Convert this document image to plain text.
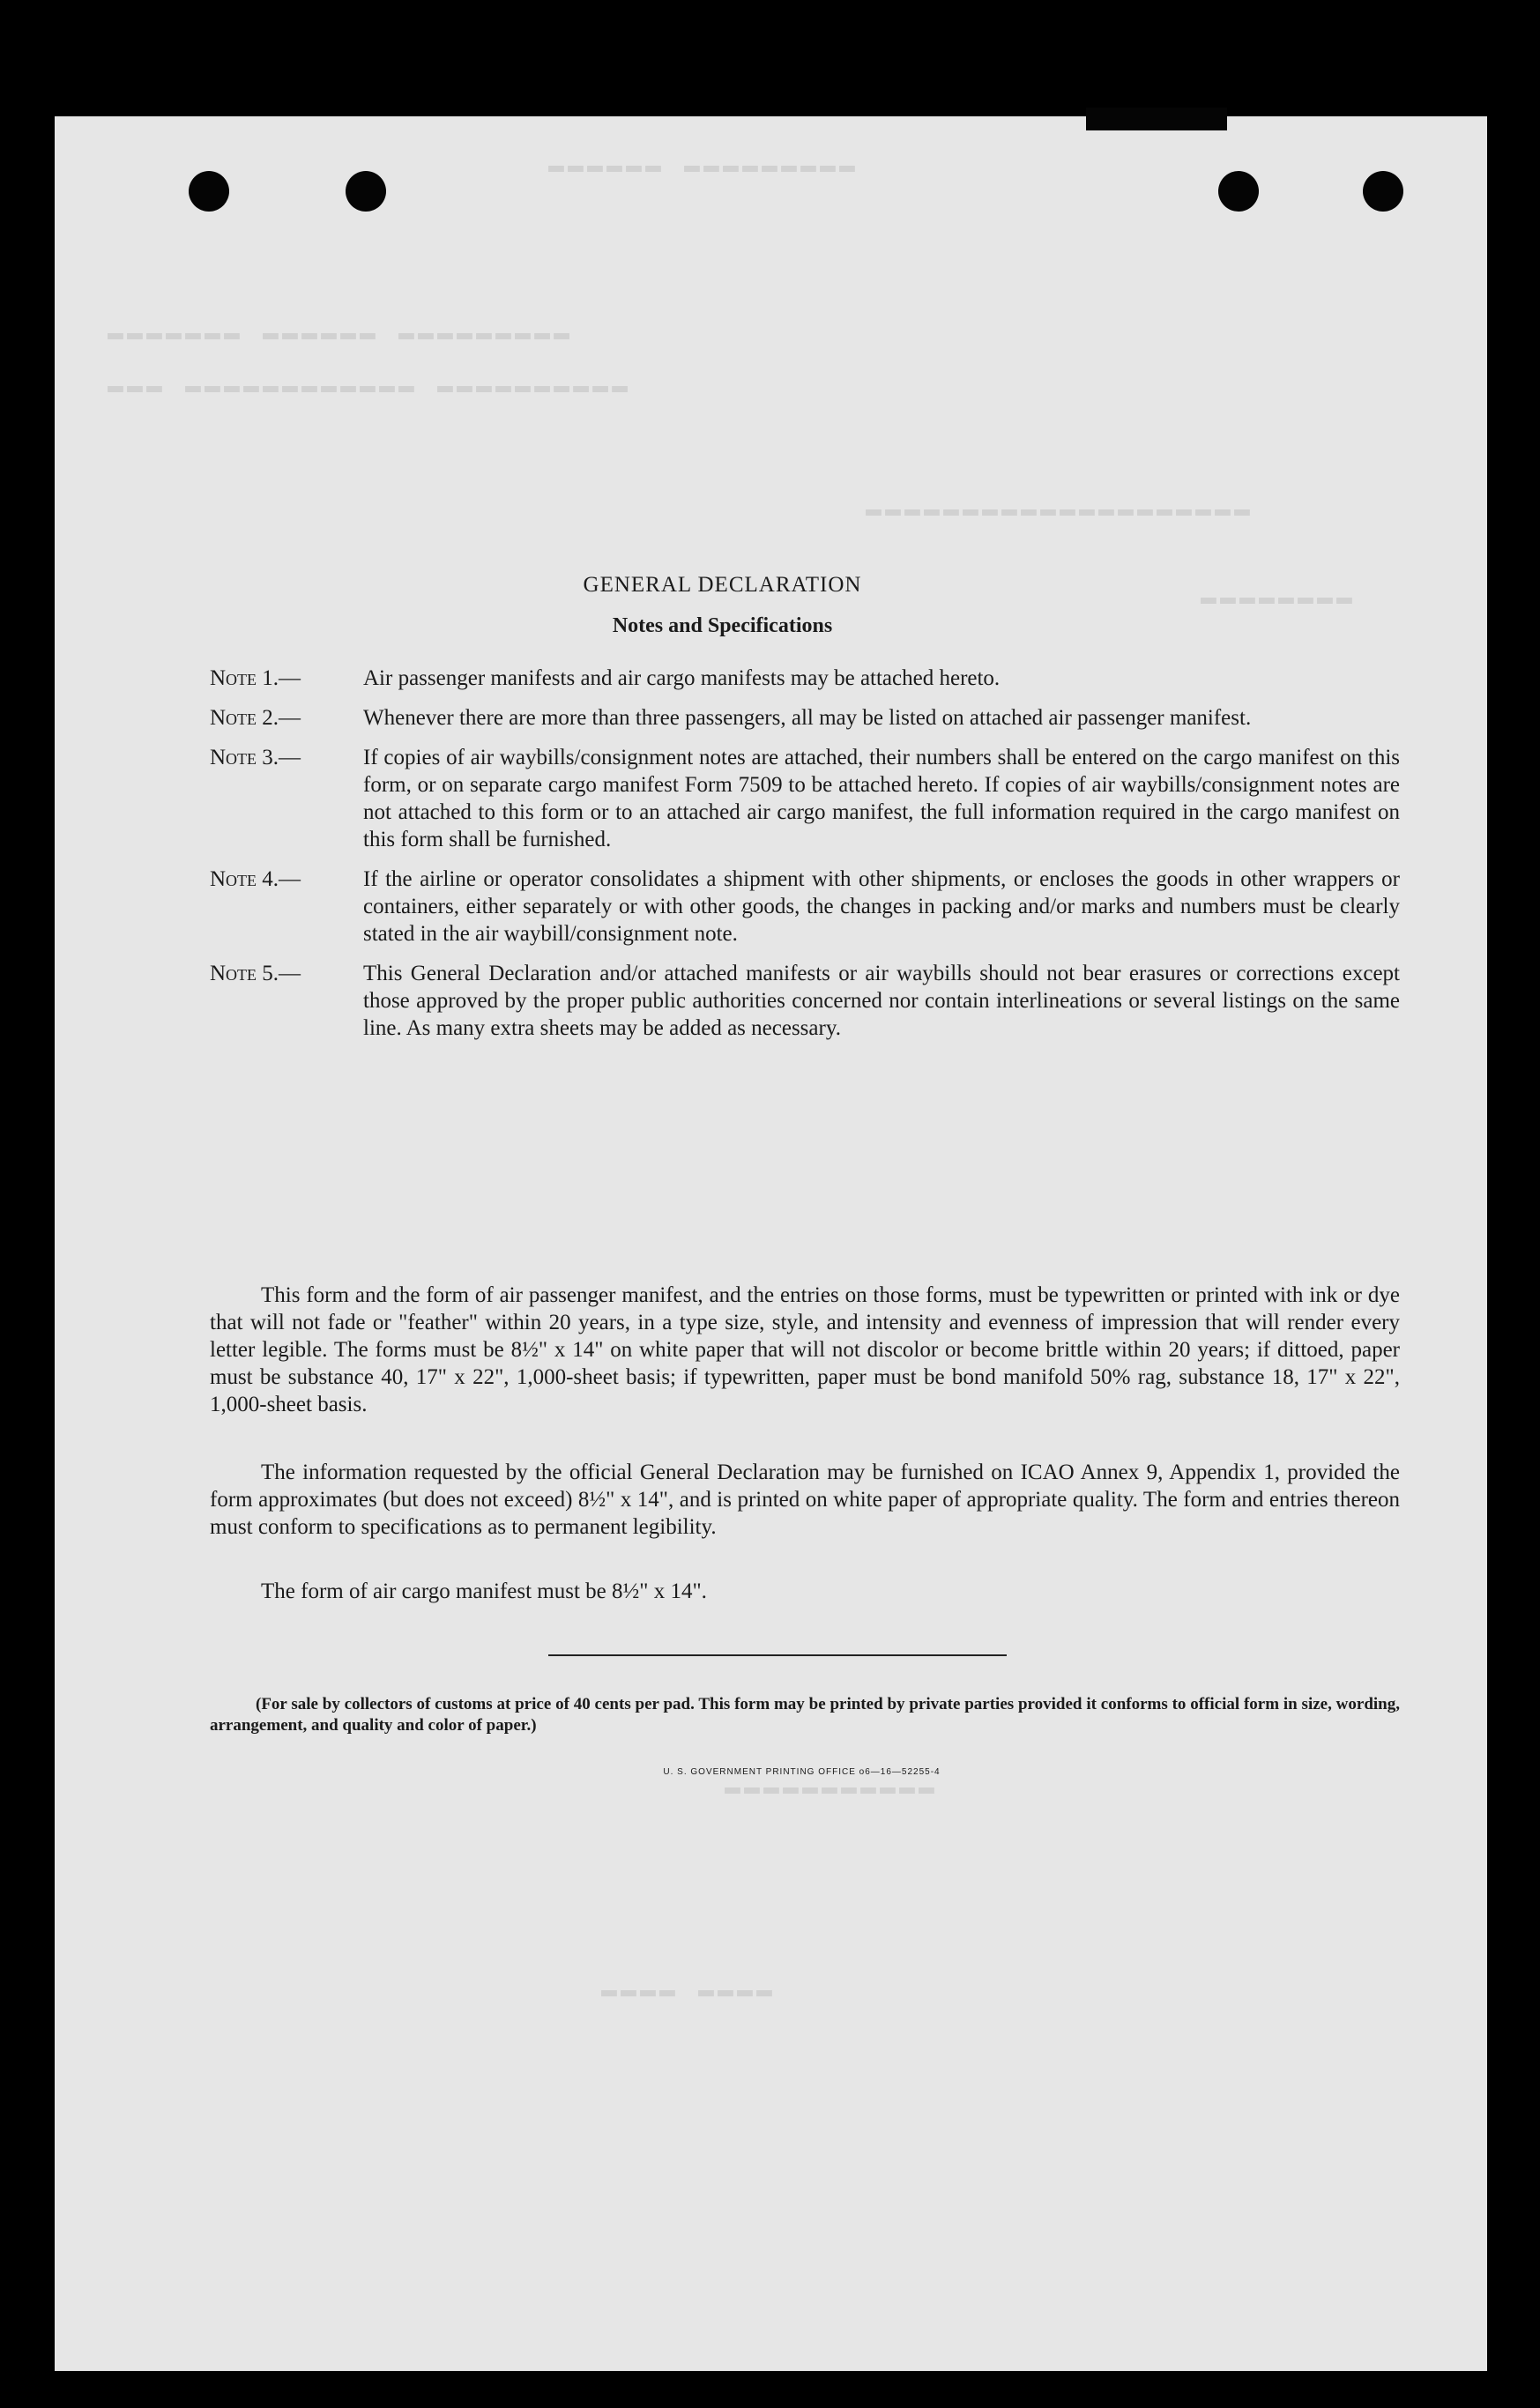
▬▬▬▬▬▬ ▬▬▬▬▬▬▬▬▬
▬▬▬▬▬▬▬ ▬▬▬▬▬▬ ▬▬▬▬▬▬▬▬▬
▬▬▬ ▬▬▬▬▬▬▬▬▬▬▬▬ ▬▬▬▬▬▬▬▬▬▬
▬▬▬▬▬▬▬▬▬▬▬▬▬▬▬▬▬▬▬▬
▬▬▬▬▬▬▬▬
▬▬▬▬▬▬▬▬▬▬▬
▬▬▬▬ ▬▬▬▬
GENERAL DECLARATION
Notes and Specifications
Note 1.—	Air passenger manifests and air cargo manifests may be attached hereto.
Note 2.—	Whenever there are more than three passengers, all may be listed on attached air passenger manifest.
Note 3.—	If copies of air waybills/consignment notes are attached, their numbers shall be entered on the cargo manifest on this form, or on separate cargo manifest Form 7509 to be attached hereto. If copies of air waybills/consignment notes are not attached to this form or to an attached air cargo manifest, the full information required in the cargo manifest on this form shall be furnished.
Note 4.—	If the airline or operator consolidates a shipment with other shipments, or encloses the goods in other wrappers or containers, either separately or with other goods, the changes in packing and/or marks and numbers must be clearly stated in the air waybill/consignment note.
Note 5.—	This General Declaration and/or attached manifests or air waybills should not bear erasures or corrections except those approved by the proper public authorities concerned nor contain interlineations or several listings on the same line. As many extra sheets may be added as necessary.

This form and the form of air passenger manifest, and the entries on those forms, must be typewritten or printed with ink or dye that will not fade or "feather" within 20 years, in a type size, style, and intensity and evenness of impression that will render every letter legible. The forms must be 8½" x 14" on white paper that will not discolor or become brittle within 20 years; if dittoed, paper must be substance 40, 17" x 22", 1,000-sheet basis; if typewritten, paper must be bond manifold 50% rag, substance 18, 17" x 22", 1,000-sheet basis.

The information requested by the official General Declaration may be furnished on ICAO Annex 9, Appendix 1, provided the form approximates (but does not exceed) 8½" x 14", and is printed on white paper of appropriate quality. The form and entries thereon must conform to specifications as to permanent legibility.

The form of air cargo manifest must be 8½" x 14".

(For sale by collectors of customs at price of 40 cents per pad. This form may be printed by private parties provided it conforms to official form in size, wording, arrangement, and quality and color of paper.)

U. S. GOVERNMENT PRINTING OFFICE o6—16—52255-4
